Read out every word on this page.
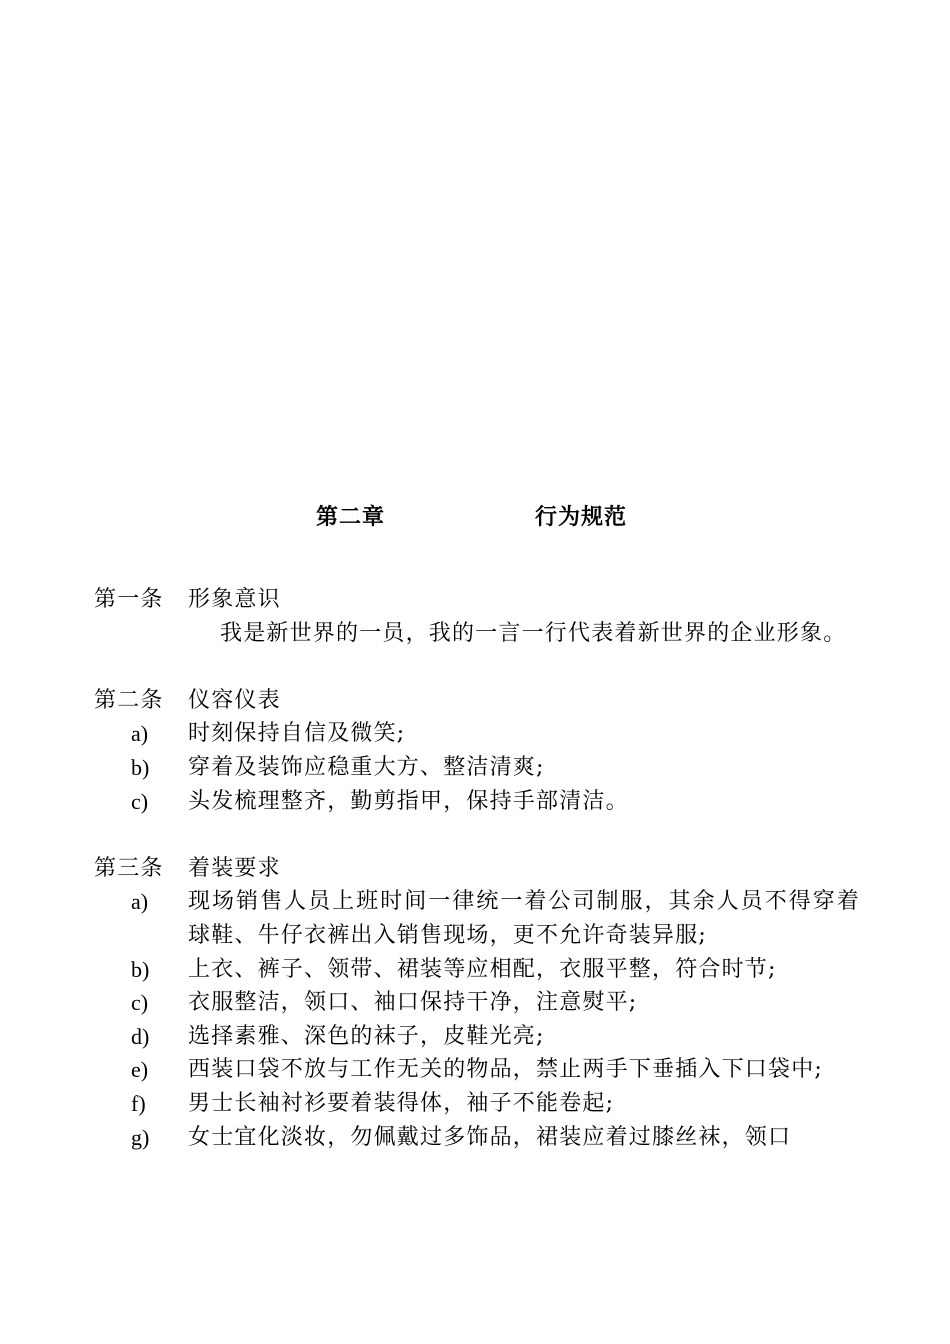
第二章	行为规范
第一条	形象意识

我是新世界的一员，我的一言一行代表着新世界的企业形象。

第二条	仪容仪表
a)	时刻保持自信及微笑;
b)	穿着及装饰应稳重大方、整洁清爽;
c)	头发梳理整齐，勤剪指甲，保持手部清洁。
第三条	着装要求
a)	现场销售人员上班时间一律统一着公司制服，其余人员不得穿着球鞋、牛仔衣裤出入销售现场，更不允许奇装异服;
b)	上衣、裤子、领带、裙装等应相配，衣服平整，符合时节;
c)	衣服整洁，领口、袖口保持干净，注意熨平;
d)	选择素雅、深色的袜子，皮鞋光亮;
e)	西装口袋不放与工作无关的物品，禁止两手下垂插入下口袋中;
f)	男士长袖衬衫要着装得体，袖子不能卷起;
g)	女士宜化淡妆，勿佩戴过多饰品，裙装应着过膝丝袜，领口
